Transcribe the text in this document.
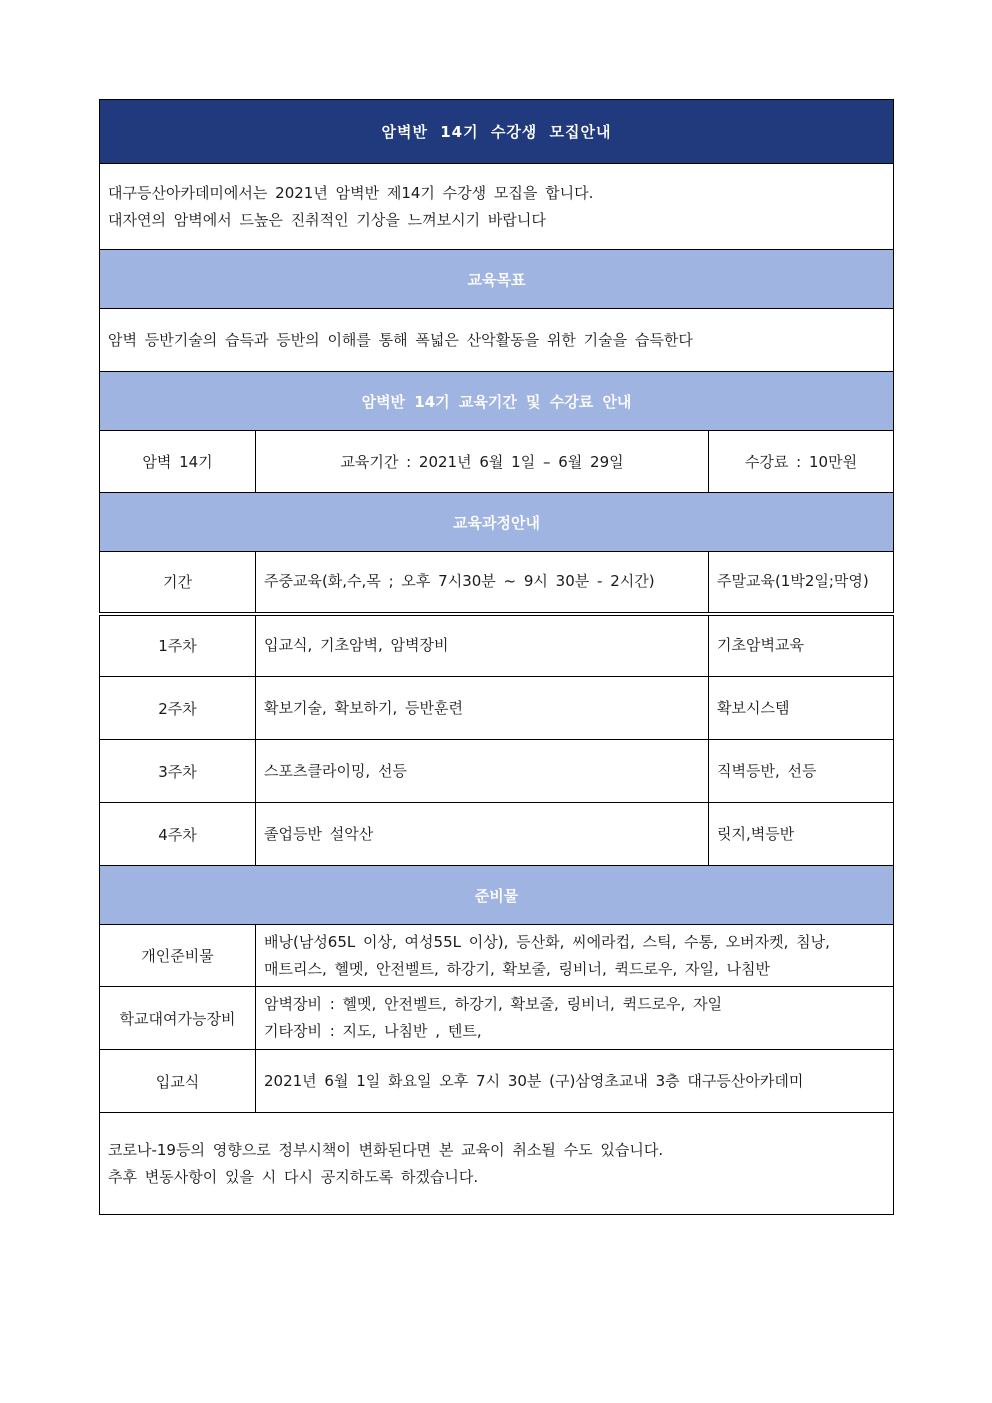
암벽반 14기 수강생 모집안내		

대구등산아카데미에서는 2021년 암벽반 제14기 수강생 모집을 합니다.
대자연의 암벽에서 드높은 진취적인 기상을 느껴보시기 바랍니다		

교육목표		
암벽 등반기술의 습득과 등반의 이해를 통해 폭넓은 산악활동을 위한 기술을 습득한다		
암벽반 14기 교육기간 및 수강료 안내		
암벽 14기	교육기간 : 2021년 6월 1일 – 6월 29일	수강료 : 10만원
교육과정안내		
기간	주중교육(화,수,목 ; 오후 7시30분 ~ 9시 30분 - 2시간)	주말교육(1박2일;막영)
1주차	입교식, 기초암벽, 암벽장비	기초암벽교육
2주차	확보기술, 확보하기, 등반훈련	확보시스템
3주차	스포츠클라이밍, 선등	직벽등반, 선등
4주차	졸업등반 설악산	릿지,벽등반
준비물		
개인준비물	배낭(남성65L 이상, 여성55L 이상), 등산화, 씨에라컵, 스틱, 수통, 오버자켓, 침낭,
매트리스, 헬멧, 안전벨트, 하강기, 확보줄, 링비너, 퀵드로우, 자일, 나침반	

학교대여가능장비	암벽장비 : 헬멧, 안전벨트, 하강기, 확보줄, 링비너, 퀵드로우, 자일
기타장비 : 지도, 나침반 , 텐트,	

입교식	2021년 6월 1일 화요일 오후 7시 30분 (구)삼영초교내 3층 대구등산아카데미	

코로나-19등의 영향으로 정부시책이 변화된다면 본 교육이 취소될 수도 있습니다.
추후 변동사항이 있을 시 다시 공지하도록 하겠습니다.		
